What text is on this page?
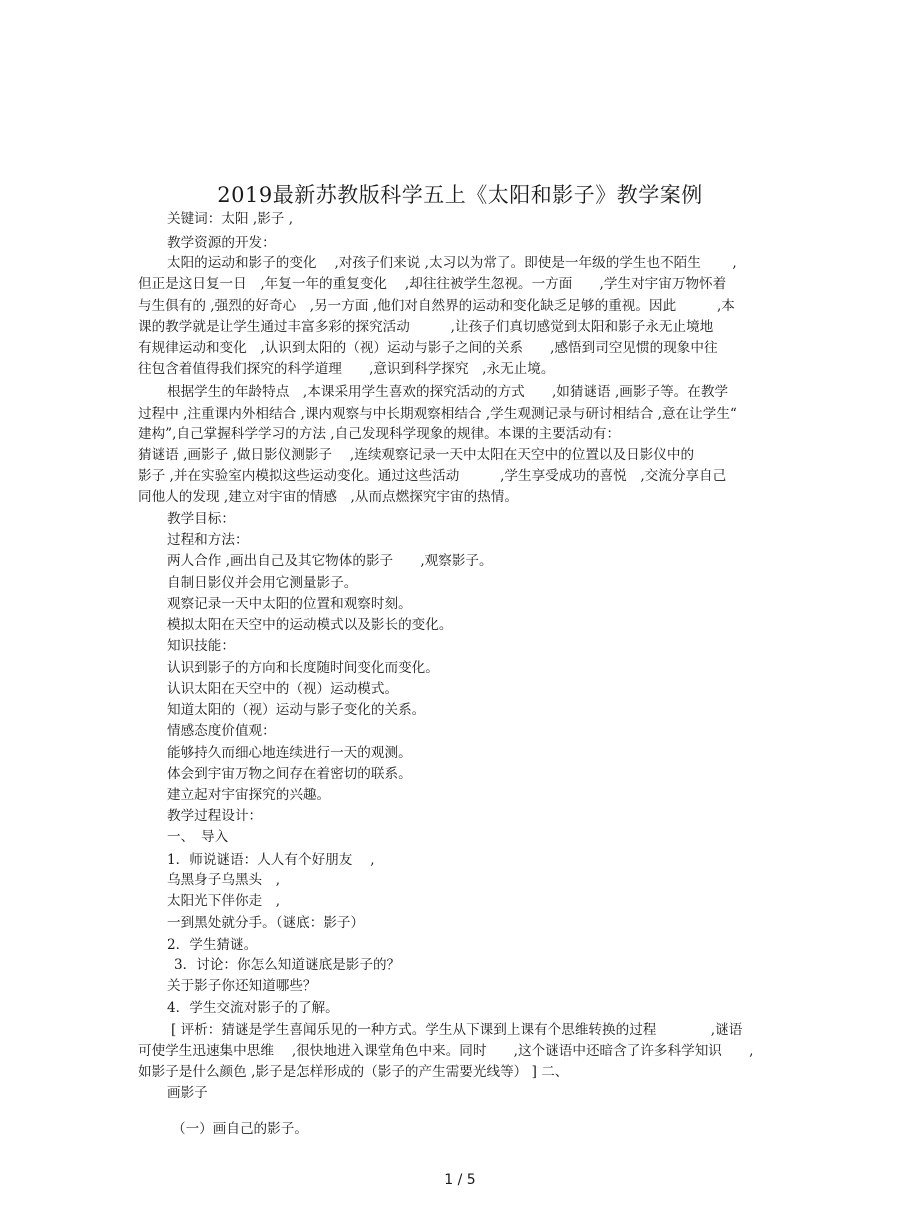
2019最新苏教版科学五上《太阳和影子》教学案例
关键词：太阳 ,影子 ,
教学资源的开发：
太阳的运动和影子的变化　 ,对孩子们来说 ,太习以为常了。即使是一年级的学生也不陌生　　 ,
但正是这日复一日　,年复一年的重复变化　 ,却往往被学生忽视。一方面　　,学生对宇宙万物怀着
与生俱有的 ,强烈的好奇心　,另一方面 ,他们对自然界的运动和变化缺乏足够的重视。因此　　　,本
课的教学就是让学生通过丰富多彩的探究活动　　　,让孩子们真切感觉到太阳和影子永无止境地
有规律运动和变化　,认识到太阳的（视）运动与影子之间的关系　　,感悟到司空见惯的现象中往
往包含着值得我们探究的科学道理　　,意识到科学探究　,永无止境。
根据学生的年龄特点　,本课采用学生喜欢的探究活动的方式　　,如猜谜语 ,画影子等。在教学
过程中 ,注重课内外相结合 ,课内观察与中长期观察相结合 ,学生观测记录与研讨相结合 ,意在让学生“
建构”,自己掌握科学学习的方法 ,自己发现科学现象的规律。本课的主要活动有：
猜谜语 ,画影子 ,做日影仪测影子　 ,连续观察记录一天中太阳在天空中的位置以及日影仪中的
影子 ,并在实验室内模拟这些运动变化。通过这些活动　　　,学生享受成功的喜悦　,交流分享自己
同他人的发现 ,建立对宇宙的情感　,从而点燃探究宇宙的热情。
教学目标：
过程和方法：
两人合作 ,画出自己及其它物体的影子　　,观察影子。
自制日影仪并会用它测量影子。
观察记录一天中太阳的位置和观察时刻。
模拟太阳在天空中的运动模式以及影长的变化。
知识技能：
认识到影子的方向和长度随时间变化而变化。
认识太阳在天空中的（视）运动模式。
知道太阳的（视）运动与影子变化的关系。
情感态度价值观：
能够持久而细心地连续进行一天的观测。
体会到宇宙万物之间存在着密切的联系。
建立起对宇宙探究的兴趣。
教学过程设计：
一、　导入
1．师说谜语：人人有个好朋友　 ,
乌黑身子乌黑头　,
太阳光下伴你走　,
一到黑处就分手。（谜底：影子）
2．学生猜谜。
3．讨论：你怎么知道谜底是影子的？
关于影子你还知道哪些？
4．学生交流对影子的了解。
[ 评析：猜谜是学生喜闻乐见的一种方式。学生从下课到上课有个思维转换的过程　　　　,谜语
可使学生迅速集中思维　 ,很快地进入课堂角色中来。同时　　,这个谜语中还暗含了许多科学知识　　,
如影子是什么颜色 ,影子是怎样形成的（影子的产生需要光线等） ] 二、
画影子
（一）画自己的影子。
1 / 5
